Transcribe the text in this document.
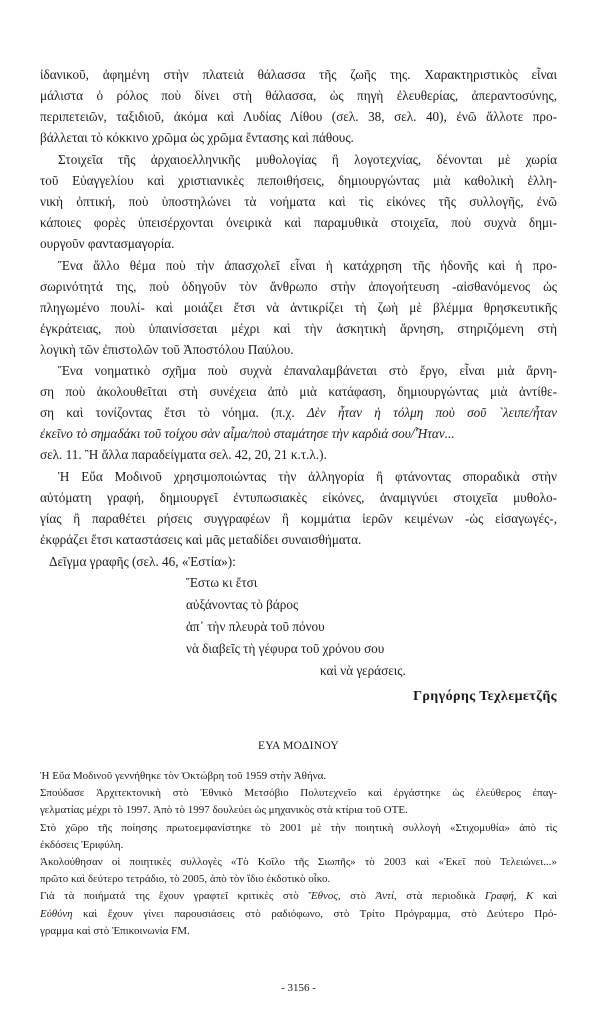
ἰδανικοῦ, ἀφημένη στὴν πλατειὰ θάλασσα τῆς ζωῆς της. Χαρακτηριστικὸς εἶναι
μάλιστα ὁ ρόλος ποὺ δίνει στὴ θάλασσα, ὡς πηγὴ ἐλευθερίας, ἀπεραντοσύνης,
περιπετειῶν, ταξιδιοῦ, ἀκόμα καὶ Λυδίας Λίθου (σελ. 38, σελ. 40), ἐνῶ ἄλλοτε προ-
βάλλεται τὸ κόκκινο χρῶμα ὡς χρῶμα ἔντασης καὶ πάθους.
Στοιχεῖα τῆς ἀρχαιοελληνικῆς μυθολογίας ἢ λογοτεχνίας, δένονται μὲ χωρία
τοῦ Εὐαγγελίου καὶ χριστιανικὲς πεποιθήσεις, δημιουργώντας μιὰ καθολικὴ ἑλλη-
νικὴ ὀπτική, ποὺ ὑποστηλώνει τὰ νοήματα καὶ τὶς εἰκόνες τῆς συλλογῆς, ἐνῶ
κάποιες φορὲς ὑπεισέρχονται ὀνειρικὰ καὶ παραμυθικὰ στοιχεῖα, ποὺ συχνὰ δημι-
ουργοῦν φαντασμαγορία.
Ἕνα ἄλλο θέμα ποὺ τὴν ἀπασχολεῖ εἶναι ἡ κατάχρηση τῆς ἡδονῆς καὶ ἡ προ-
σωρινότητά της, ποὺ ὁδηγοῦν τὸν ἄνθρωπο στὴν ἀπογοήτευση -αἰσθανόμενος ὡς
πληγωμένο πουλί- καὶ μοιάζει ἔτσι νὰ ἀντικρίζει τὴ ζωὴ μὲ βλέμμα θρησκευτικῆς
ἐγκράτειας, ποὺ ὑπαινίσσεται μέχρι καὶ τὴν ἀσκητικὴ ἄρνηση, στηριζόμενη στὴ
λογικὴ τῶν ἐπιστολῶν τοῦ Ἀποστόλου Παύλου.
Ἕνα νοηματικὸ σχῆμα ποὺ συχνὰ ἐπαναλαμβάνεται στὸ ἔργο, εἶναι μιὰ ἄρνη-
ση ποὺ ἀκολουθεῖται στὴ συνέχεια ἀπὸ μιὰ κατάφαση, δημιουργώντας μιὰ ἀντίθε-
ση καὶ τονίζοντας ἔτσι τὸ νόημα. (π.χ. Δὲν ἦταν ἡ τόλμη ποὺ σοῦ `λειπε/ἦταν
ἐκεῖνο τὸ σημαδάκι τοῦ τοίχου σὰν αἷμα/ποὺ σταμάτησε τὴν καρδιά σου/Ἦταν...
σελ. 11. Ἢ ἄλλα παραδείγματα σελ. 42, 20, 21 κ.τ.λ.).
Ἡ Εὔα Μοδινοῦ χρησιμοποιώντας τὴν ἀλληγορία ἢ φτάνοντας σποραδικὰ στὴν
αὐτόματη γραφή, δημιουργεῖ ἐντυπωσιακὲς εἰκόνες, ἀναμιγνύει στοιχεῖα μυθολο-
γίας ἢ παραθέτει ρήσεις συγγραφέων ἢ κομμάτια ἱερῶν κειμένων -ὡς εἰσαγωγές-,
ἐκφράζει ἔτσι καταστάσεις καὶ μᾶς μεταδίδει συναισθήματα.
Δεῖγμα γραφῆς (σελ. 46, «Ἑστία»):
Ἔστω κι ἔτσι
αὐξάνοντας τὸ βάρος
ἀπ᾽ τὴν πλευρὰ τοῦ πόνου
νὰ διαβεῖς τὴ γέφυρα τοῦ χρόνου σου
καὶ νὰ γεράσεις.
Γρηγόρης Τεχλεμετζῆς
ΕΥΑ ΜΟΔΙΝΟΥ
Ἡ Εὔα Μοδινοῦ γεννήθηκε τὸν Ὀκτώβρη τοῦ 1959 στὴν Ἀθήνα.
Σπούδασε Ἀρχιτεκτονικὴ στὸ Ἐθνικὸ Μετσόβιο Πολυτεχνεῖο καὶ ἐργάστηκε ὡς ἐλεύθερος ἐπαγ-
γελματίας μέχρι τὸ 1997. Ἀπὸ τὸ 1997 δουλεύει ὡς μηχανικὸς στὰ κτίρια τοῦ ΟΤΕ.
Στὸ χῶρο τῆς ποίησης πρωτοεμφανίστηκε τὸ 2001 μὲ τὴν ποιητικὴ συλλογὴ «Στιχομυθία» ἀπὸ τὶς
ἐκδόσεις Ἐριφύλη.
Ἀκολούθησαν οἱ ποιητικὲς συλλογὲς «Τὸ Κοῖλο τῆς Σιωπῆς» τὸ 2003 καὶ «Ἐκεῖ ποὺ Τελειώνει...»
πρῶτο καὶ δεύτερο τετράδιο, τὸ 2005, ἀπὸ τὸν ἴδιο ἐκδοτικὸ οἶκο.
Γιὰ τὰ ποιήματά της ἔχουν γραφτεῖ κριτικὲς στὸ Ἔθνος, στὸ Ἀντί, στὰ περιοδικὰ Γραφή, Κ καὶ
Εὐθύνη καὶ ἔχουν γίνει παρουσιάσεις στὸ ραδιόφωνο, στὸ Τρίτο Πρόγραμμα, στὸ Δεύτερο Πρό-
γραμμα καὶ στὸ Ἐπικοινωνία FM.
- 3156 -
